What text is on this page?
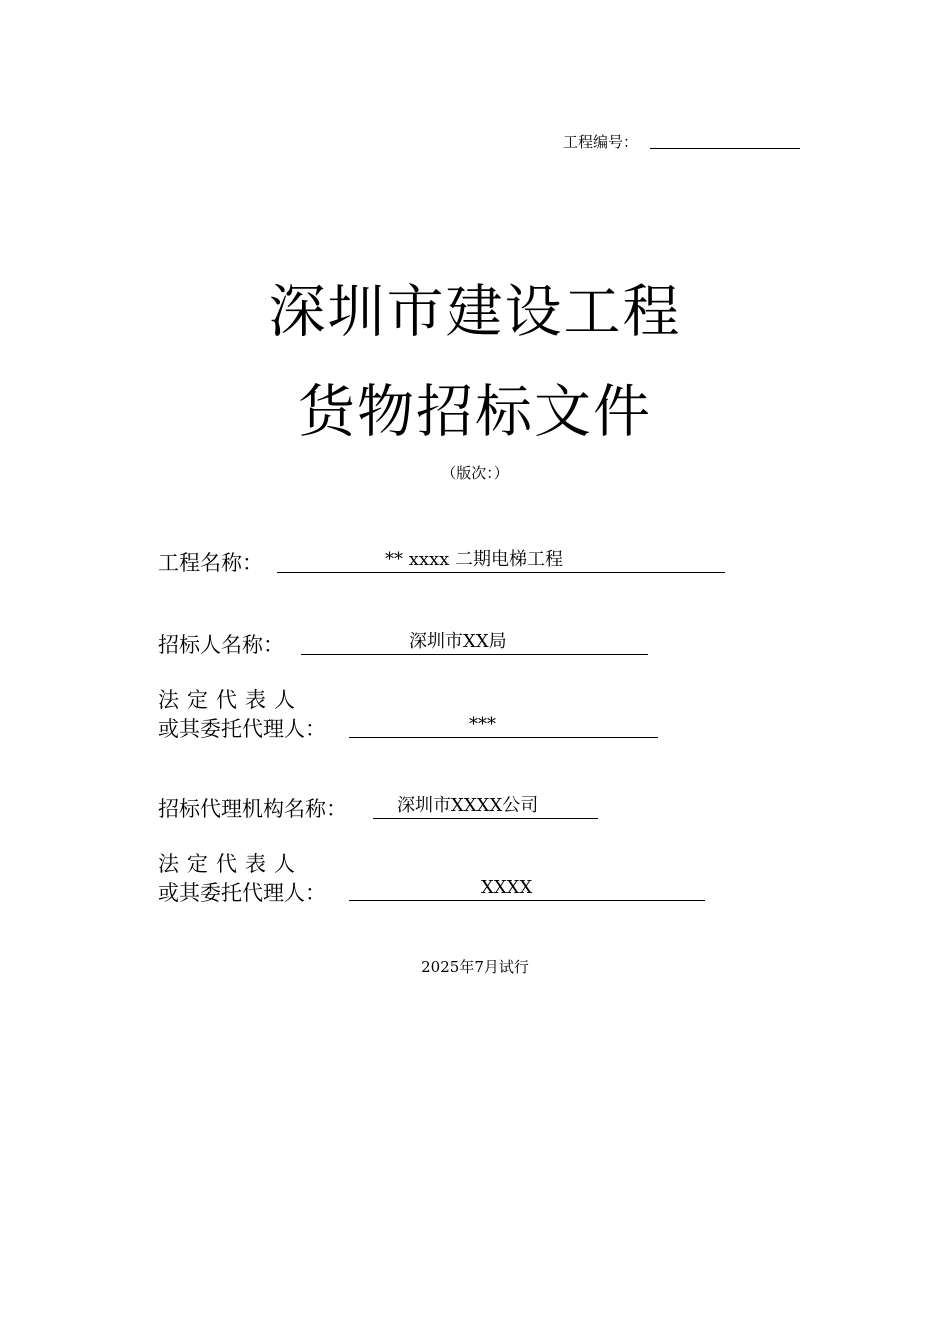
工程编号：
深圳市建设工程
货物招标文件
（版次：）
工程名称：	** xxxx 二期电梯工程
招标人名称：	深圳市XX局
法定代表人
或其委托代理人：	***
招标代理机构名称：	深圳市XXXX公司
法定代表人
或其委托代理人：	XXXX
2025年7月试行
